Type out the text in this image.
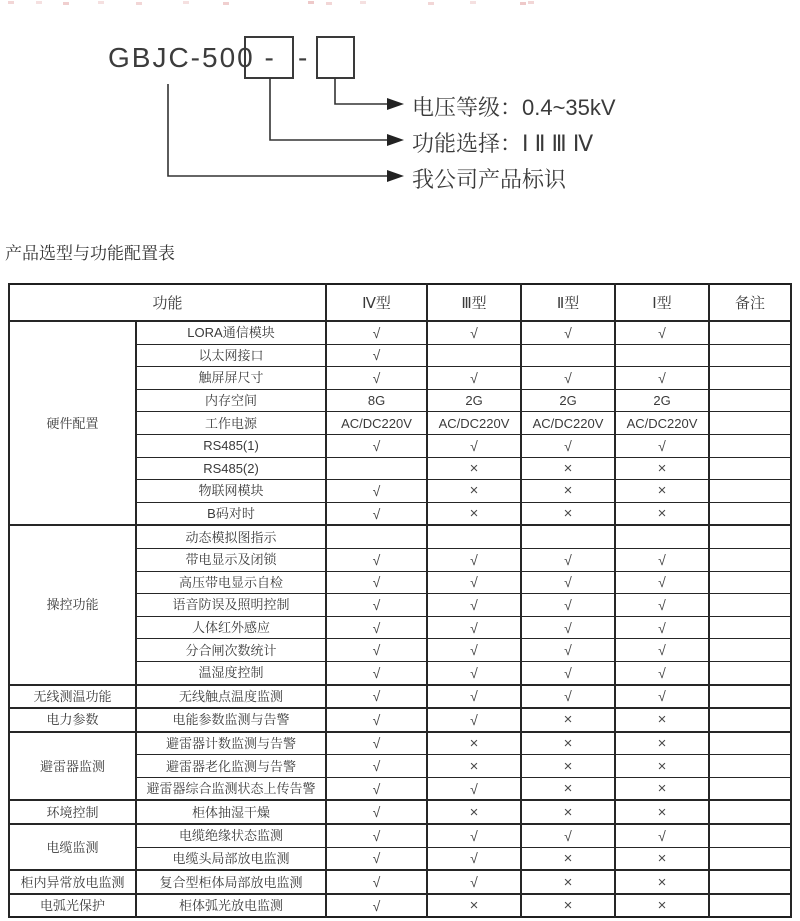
GBJC-500 - -
电压等级：0.4~35kV
功能选择：Ⅰ Ⅱ Ⅲ Ⅳ
我公司产品标识
产品选型与功能配置表
功能		Ⅳ型	Ⅲ型	Ⅱ型	Ⅰ型	备注
硬件配置	LORA通信模块	√	√	√	√	
	以太网接口	√				
	触屏屏尺寸	√	√	√	√	
	内存空间	8G	2G	2G	2G	
	工作电源	AC/DC220V	AC/DC220V	AC/DC220V	AC/DC220V	
	RS485(1)	√	√	√	√	
	RS485(2)		×	×	×	
	物联网模块	√	×	×	×	
	B码对时	√	×	×	×	
操控功能	动态模拟图指示					
	带电显示及闭锁	√	√	√	√	
	高压带电显示自检	√	√	√	√	
	语音防误及照明控制	√	√	√	√	
	人体红外感应	√	√	√	√	
	分合闸次数统计	√	√	√	√	
	温湿度控制	√	√	√	√	
无线测温功能	无线触点温度监测	√	√	√	√	
电力参数	电能参数监测与告警	√	√	×	×	
避雷器监测	避雷器计数监测与告警	√	×	×	×	
	避雷器老化监测与告警	√	×	×	×	
	避雷器综合监测状态上传告警	√	√	×	×	
环境控制	柜体抽湿干燥	√	×	×	×	
电缆监测	电缆绝缘状态监测	√	√	√	√	
	电缆头局部放电监测	√	√	×	×	
柜内异常放电监测	复合型柜体局部放电监测	√	√	×	×	
电弧光保护	柜体弧光放电监测	√	×	×	×	
